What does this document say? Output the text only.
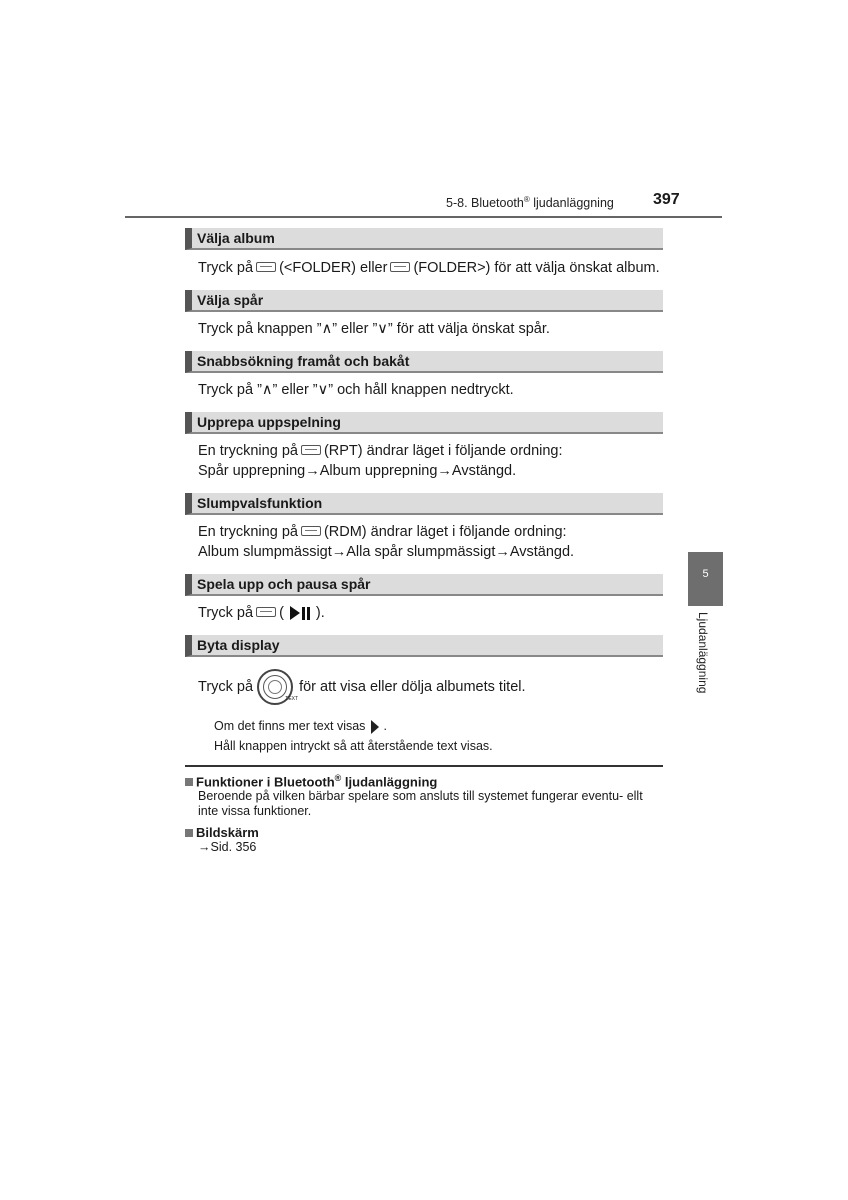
5-8. Bluetooth® ljudanläggning 397
Välja album
Tryck på (<FOLDER) eller (FOLDER>) för att välja önskat album.
Välja spår
Tryck på knappen ”∧” eller ”∨” för att välja önskat spår.
Snabbsökning framåt och bakåt
Tryck på ”∧” eller ”∨” och håll knappen nedtryckt.
Upprepa uppspelning
En tryckning på (RPT) ändrar läget i följande ordning:
Spår upprepning→Album upprepning→Avstängd.
Slumpvalsfunktion
En tryckning på (RDM) ändrar läget i följande ordning:
Album slumpmässigt→Alla spår slumpmässigt→Avstängd.
Spela upp och pausa spår
Tryck på ( ).
Byta display
Tryck på
TEXT
för att visa eller dölja albumets titel.
Om det finns mer text visas .
Håll knappen intryckt så att återstående text visas.
Funktioner i Bluetooth® ljudanläggning
Beroende på vilken bärbar spelare som ansluts till systemet fungerar eventu- ellt inte vissa funktioner.
Bildskärm
→Sid. 356
5
Ljudanläggning
